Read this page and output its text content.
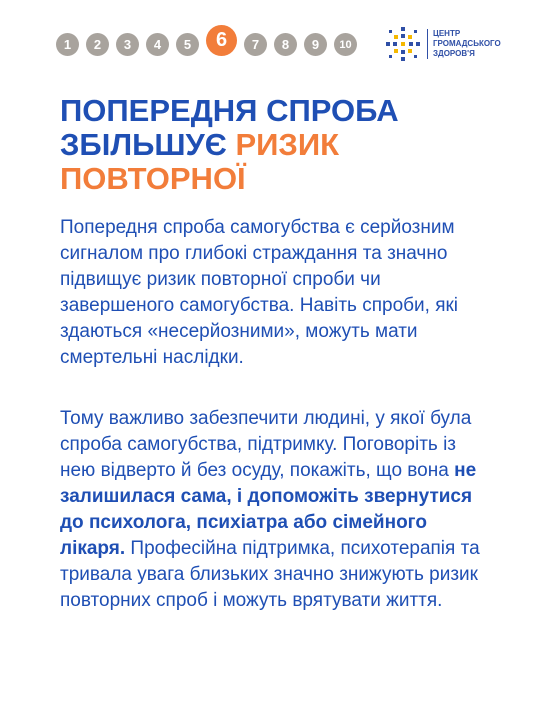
1	2	3	4	5	6	7	8	9	10
ЦЕНТР
ГРОМАДСЬКОГО
ЗДОРОВ'Я
ПОПЕРЕДНЯ СПРОБА
ЗБІЛЬШУЄ РИЗИК
ПОВТОРНОЇ

Попередня спроба самогубства є серйозним сигналом про глибокі страждання та значно підвищує ризик повторної спроби чи завершеного самогубства. Навіть спроби, які здаються «несерйозними», можуть мати смертельні наслідки.

Тому важливо забезпечити людині, у якої була спроба самогубства, підтримку. Поговоріть із нею відверто й без осуду, покажіть, що вона не залишилася сама, і допоможіть звернутися до психолога, психіатра або сімейного лікаря. Професійна підтримка, психотерапія та тривала увага близьких значно знижують ризик повторних спроб і можуть врятувати життя.
